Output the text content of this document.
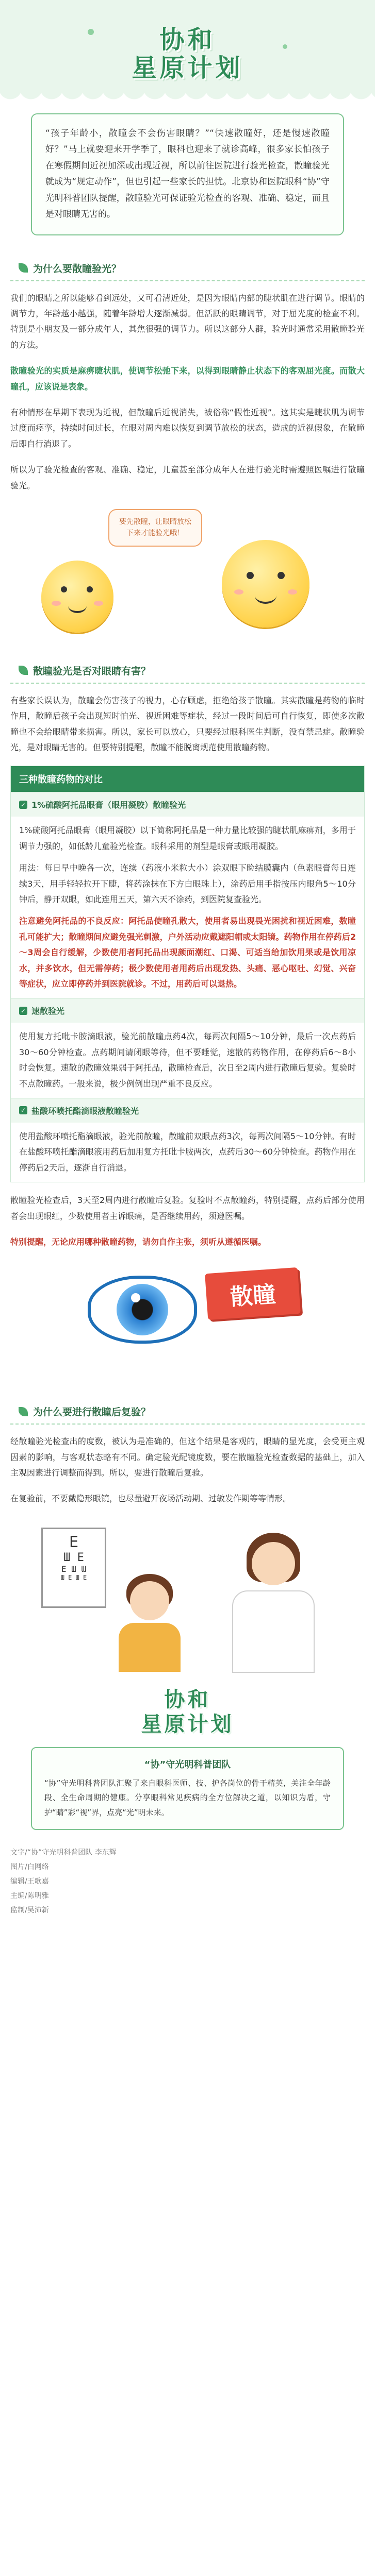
协和
星原计划
“孩子年龄小，散瞳会不会伤害眼睛？”“快速散瞳好，还是慢速散瞳好？”马上就要迎来开学季了，眼科也迎来了就诊高峰，很多家长怕孩子在寒假期间近视加深或出现近视，所以前往医院进行验光检查，散瞳验光就成为“规定动作”，但也引起一些家长的担忧。北京协和医院眼科“协”守光明科普团队提醒，散瞳验光可保证验光检查的客观、准确、稳定，而且是对眼睛无害的。
为什么要散瞳验光？
我们的眼睛之所以能够看到远处，又可看清近处，是因为眼睛内部的睫状肌在进行调节。眼睛的调节力，年龄越小越强，随着年龄增大逐渐减弱。但活跃的眼睛调节，对于屈光度的检查不利。特别是小朋友及一部分成年人，其焦很强的调节力。所以这部分人群，验光时通常采用散瞳验光的方法。
散瞳验光的实质是麻痹睫状肌，使调节松弛下来，以得到眼睛静止状态下的客观屈光度。而散大瞳孔，应该说是表象。
有种情形在早期下表现为近视，但散瞳后近视消失，被俗称“假性近视”。这其实是睫状肌为调节过度而痉挛，持续时间过长，在眼对周内难以恢复到调节放松的状态，造成的近视假象，在散瞳后即自行消退了。
所以为了验光检查的客观、准确、稳定，儿童甚至部分成年人在进行验光时需遵照医嘱进行散瞳验光。
要先散瞳，让眼睛放松下来才能验光哦！
散瞳验光是否对眼睛有害？
有些家长误认为，散瞳会伤害孩子的视力，心存顾虑，拒绝给孩子散瞳。其实散瞳是药物的临时作用，散瞳后孩子会出现短时怕光、视近困难等症状，经过一段时间后可自行恢复，即使多次散瞳也不会给眼睛带来损害。所以，家长可以放心，只要经过眼科医生判断，没有禁忌症。散瞳验光，是对眼睛无害的。但要特别提醒，散瞳不能脱离规范使用散瞳药物。
三种散瞳药物的对比
✓ 1%硫酸阿托品眼膏（眼用凝胶）散瞳验光

1%硫酸阿托品眼膏（眼用凝胶）以下简称阿托品是一种力量比较强的睫状肌麻痹剂，多用于调节力强的，如低龄儿童验光检查。眼科采用的剂型是眼膏或眼用凝胶。

用法：每日早中晚各一次，连续（药液小米粒大小）涂双眼下睑结膜囊内（色素眼膏每日连续3天，用手轻轻拉开下睫，将药涂抹在下方白眼珠上），涂药后用手指按压内眼角5～10分钟后，静开双眼，如此连用五天，第六天不涂药，到医院复查验光。

注意避免阿托品的不良反应：阿托品使瞳孔散大，使用者易出现畏光困扰和视近困难，数瞳孔可能扩大；散瞳期间应避免强光刺激，户外活动应戴遮阳帽或太阳镜。药物作用在停药后2～3周会自行缓解，少数使用者阿托品出现颜面潮红、口渴、可适当给加饮用果或是饮用凉水，并多饮水，但无需停药；极少数使用者用药后出现发热、头痛、恶心呕吐、幻觉、兴奋等症状，应立即停药并到医院就诊。不过，用药后可以退热。

✓ 速散验光

使用复方托吡卡胺滴眼液，验光前散瞳点药4次，每两次间隔5～10分钟，最后一次点药后30～60分钟检查。点药期间请闭眼等待，但不要睡觉，速散的药物作用，在停药后6～8小时会恢复。速散的散瞳效果弱于阿托品，散瞳检查后，次日至2周内进行散瞳后复验。复验时不点散瞳药。一般来说，极少例例出现严重不良反应。

✓ 盐酸环喷托酯滴眼液散瞳验光

使用盐酸环喷托酯滴眼液，验光前散瞳，散瞳前双眼点药3次，每两次间隔5～10分钟。有时在盐酸环喷托酯滴眼液用药后加用复方托吡卡胺两次，点药后30～60分钟检查。药物作用在停药后2天后，逐渐自行消退。

散瞳验光检查后，3天至2周内进行散瞳后复验。复验时不点散瞳药，特别提醒，点药后部分使用者会出现眼红，少数使用者主诉眼痛，是否继续用药，须遵医嘱。
特别提醒，无论应用哪种散瞳药物，请勿自作主张，须听从遵循医嘱。
散瞳
为什么要进行散瞳后复验？
经散瞳验光检查出的度数，被认为是准确的，但这个结果是客观的，眼睛的显光度，会受更主观因素的影响，与客观状态略有不同。确定验光配镜度数，要在散瞳验光检查数据的基础上，加入主观因素进行调整而得到。所以，要进行散瞳后复验。
在复验前，不要戴隐形眼镜，也尽量避开夜场活动期、过敏发作期等等情形。
E
Ш E
E Ш Ɯ
Ш E Ш E
协和
星原计划
“协”守光明科普团队
“协”守光明科普团队汇聚了来自眼科医师、技、护各岗位的骨干精英，关注全年龄段、全生命周期的健康。分享眼科常见疾病的全方位解决之道，以知识为盾，守护“睛”彩“视”界，点亮“光”明未来。
文字/“协”守光明科普团队 李东辉
图片/白网络
编辑/王歌嘉
主编/陈明雅
监制/吴沛新
